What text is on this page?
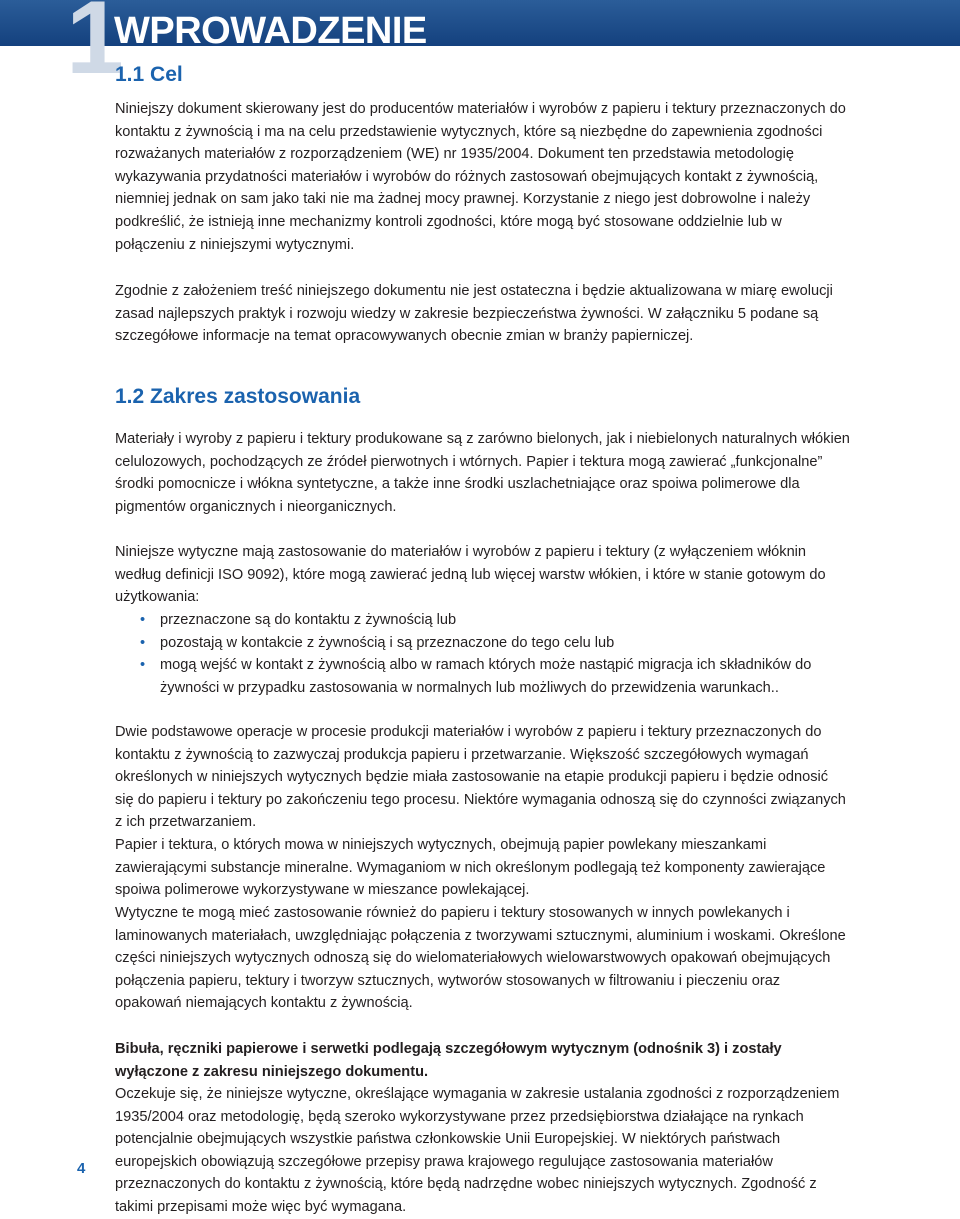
1
WPROWADZENIE
1.1 Cel

Niniejszy dokument skierowany jest do producentów materiałów i wyrobów z papieru i tektury przeznaczonych do kontaktu z żywnością i ma na celu przedstawienie wytycznych, które są niezbędne do zapewnienia zgodności rozważanych materiałów z rozporządzeniem (WE) nr 1935/2004. Dokument ten przedstawia metodologię wykazywania przydatności materiałów i wyrobów do różnych zastosowań obejmujących kontakt z żywnością, niemniej jednak on sam jako taki nie ma żadnej mocy prawnej. Korzystanie z niego jest dobrowolne i należy podkreślić, że istnieją inne mechanizmy kontroli zgodności, które mogą być stosowane oddzielnie lub w połączeniu z niniejszymi wytycznymi.

Zgodnie z założeniem treść niniejszego dokumentu nie jest ostateczna i będzie aktualizowana w miarę ewolucji zasad najlepszych praktyk i rozwoju wiedzy w zakresie bezpieczeństwa żywności. W załączniku 5 podane są szczegółowe informacje na temat opracowywanych obecnie zmian w branży papierniczej.

1.2 Zakres zastosowania

Materiały i wyroby z papieru i tektury produkowane są z zarówno bielonych, jak i niebielonych naturalnych włókien celulozowych, pochodzących ze źródeł pierwotnych i wtórnych. Papier i tektura mogą zawierać „funkcjonalne” środki pomocnicze i włókna syntetyczne, a także inne środki uszlachetniające oraz spoiwa polimerowe dla pigmentów organicznych i nieorganicznych.

Niniejsze wytyczne mają zastosowanie do materiałów i wyrobów z papieru i tektury (z wyłączeniem włóknin według definicji ISO 9092), które mogą zawierać jedną lub więcej warstw włókien, i które w stanie gotowym do użytkowania:

• przeznaczone są do kontaktu z żywnością lub
• pozostają w kontakcie z żywnością i są przeznaczone do tego celu lub
• mogą wejść w kontakt z żywnością albo w ramach których może nastąpić migracja ich składników do żywności w przypadku zastosowania w normalnych lub możliwych do przewidzenia warunkach..

Dwie podstawowe operacje w procesie produkcji materiałów i wyrobów z papieru i tektury przeznaczonych do kontaktu z żywnością to zazwyczaj produkcja papieru i przetwarzanie. Większość szczegółowych wymagań określonych w niniejszych wytycznych będzie miała zastosowanie na etapie produkcji papieru i będzie odnosić się do papieru i tektury po zakończeniu tego procesu. Niektóre wymagania odnoszą się do czynności związanych z ich przetwarzaniem.

Papier i tektura, o których mowa w niniejszych wytycznych, obejmują papier powlekany mieszankami zawierającymi substancje mineralne. Wymaganiom w nich określonym podlegają też komponenty zawierające spoiwa polimerowe wykorzystywane w mieszance powlekającej.

Wytyczne te mogą mieć zastosowanie również do papieru i tektury stosowanych w innych powlekanych i laminowanych materiałach, uwzględniając połączenia z tworzywami sztucznymi, aluminium i woskami. Określone części niniejszych wytycznych odnoszą się do wielomateriałowych wielowarstwowych opakowań obejmujących połączenia papieru, tektury i tworzyw sztucznych, wytworów stosowanych w filtrowaniu i pieczeniu oraz opakowań niemających kontaktu z żywnością.

Bibuła, ręczniki papierowe i serwetki podlegają szczegółowym wytycznym (odnośnik 3) i zostały wyłączone z zakresu niniejszego dokumentu.

Oczekuje się, że niniejsze wytyczne, określające wymagania w zakresie ustalania zgodności z rozporządzeniem 1935/2004 oraz metodologię, będą szeroko wykorzystywane przez przedsiębiorstwa działające na rynkach potencjalnie obejmujących wszystkie państwa członkowskie Unii Europejskiej. W niektórych państwach europejskich obowiązują szczegółowe przepisy prawa krajowego regulujące zastosowania materiałów przeznaczonych do kontaktu z żywnością, które będą nadrzędne wobec niniejszych wytycznych. Zgodność z takimi przepisami może więc być wymagana.

4
